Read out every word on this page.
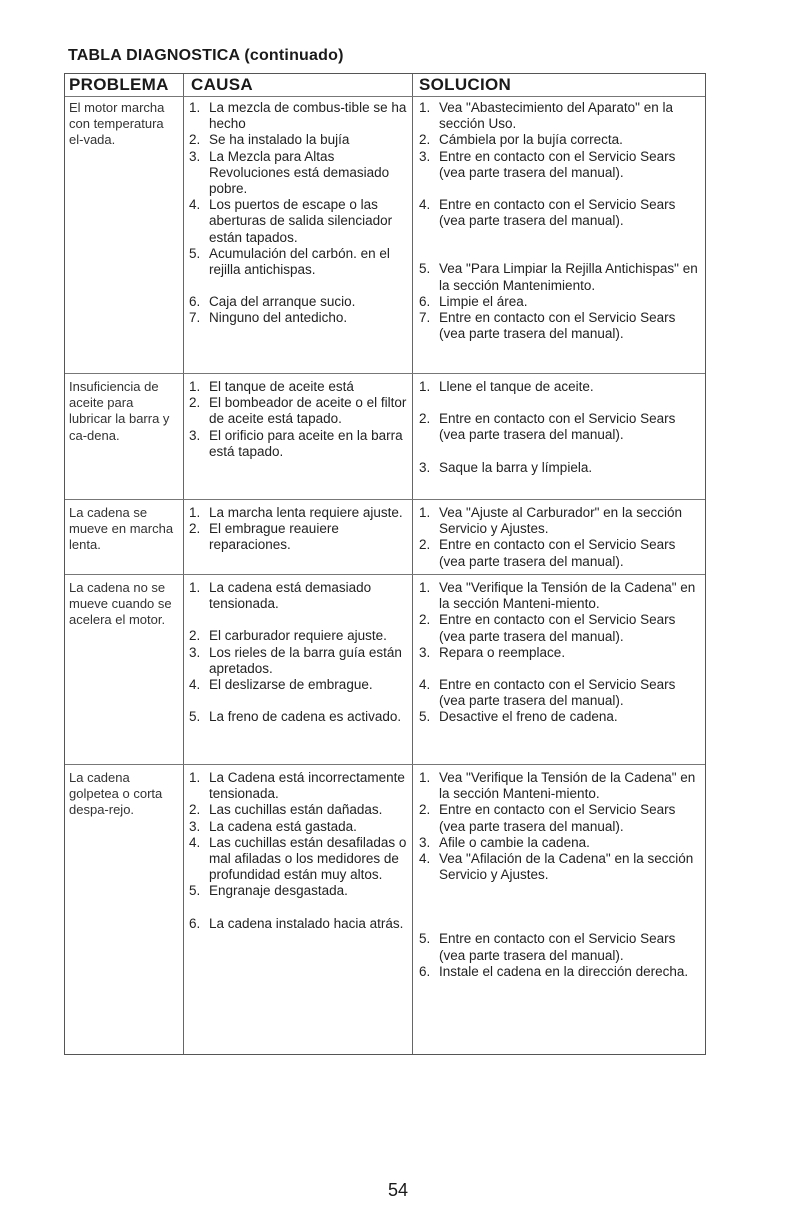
TABLA DIAGNOSTICA (continuado)
PROBLEMA CAUSA	SOLUCION
El motor marcha con temperatura el-vada.
1. La mezcla de combus-tible se ha hecho
2. Se ha instalado la bujía
3. La Mezcla para Altas Revoluciones está demasiado pobre.
4. Los puertos de escape o las aberturas de salida silenciador están tapados.
5. Acumulación del carbón. en el rejilla antichispas.
6. Caja del arranque sucio.
7. Ninguno del antedicho.
1. Vea "Abastecimiento del Aparato" en la sección Uso.
2. Cámbiela por la bujía correcta.
3. Entre en contacto con el Servicio Sears (vea parte trasera del manual).
4. Entre en contacto con el Servicio Sears (vea parte trasera del manual).
5. Vea "Para Limpiar la Rejilla Antichispas" en la sección Mantenimiento.
6. Limpie el área.
7. Entre en contacto con el Servicio Sears (vea parte trasera del manual).
Insuficiencia de aceite para lubricar la barra y ca-dena.
1. El tanque de aceite está
2. El bombeador de aceite o el filtor de aceite está tapado.
3. El orificio para aceite en la barra está tapado.
1. Llene el tanque de aceite.
2. Entre en contacto con el Servicio Sears (vea parte trasera del manual).
3. Saque la barra y límpiela.
La cadena se mueve en marcha lenta.
1. La marcha lenta requiere ajuste.
2. El embrague reauiere reparaciones.
1. Vea "Ajuste al Carburador" en la sección Servicio y Ajustes.
2. Entre en contacto con el Servicio Sears (vea parte trasera del manual).
La cadena no se mueve cuando se acelera el motor.
1. La cadena está demasiado tensionada.
2. El carburador requiere ajuste.
3. Los rieles de la barra guía están apretados.
4. El deslizarse de embrague.
5. La freno de cadena es activado.
1. Vea "Verifique la Tensión de la Cadena" en la sección Manteni-miento.
2. Entre en contacto con el Servicio Sears (vea parte trasera del manual).
3. Repara o reemplace.
4. Entre en contacto con el Servicio Sears (vea parte trasera del manual).
5. Desactive el freno de cadena.
La cadena golpetea o corta despa-rejo.
1. La Cadena está incorrectamente tensionada.
2. Las cuchillas están dañadas.
3. La cadena está gastada.
4. Las cuchillas están desafiladas o mal afiladas o los medidores de profundidad están muy altos.
5. Engranaje desgastada.
6. La cadena instalado hacia atrás.
1. Vea "Verifique la Tensión de la Cadena" en la sección Manteni-miento.
2. Entre en contacto con el Servicio Sears (vea parte trasera del manual).
3. Afile o cambie la cadena.
4. Vea "Afilación de la Cadena" en la sección Servicio y Ajustes.
5. Entre en contacto con el Servicio Sears (vea parte trasera del manual).
6. Instale el cadena en la dirección derecha.
54
